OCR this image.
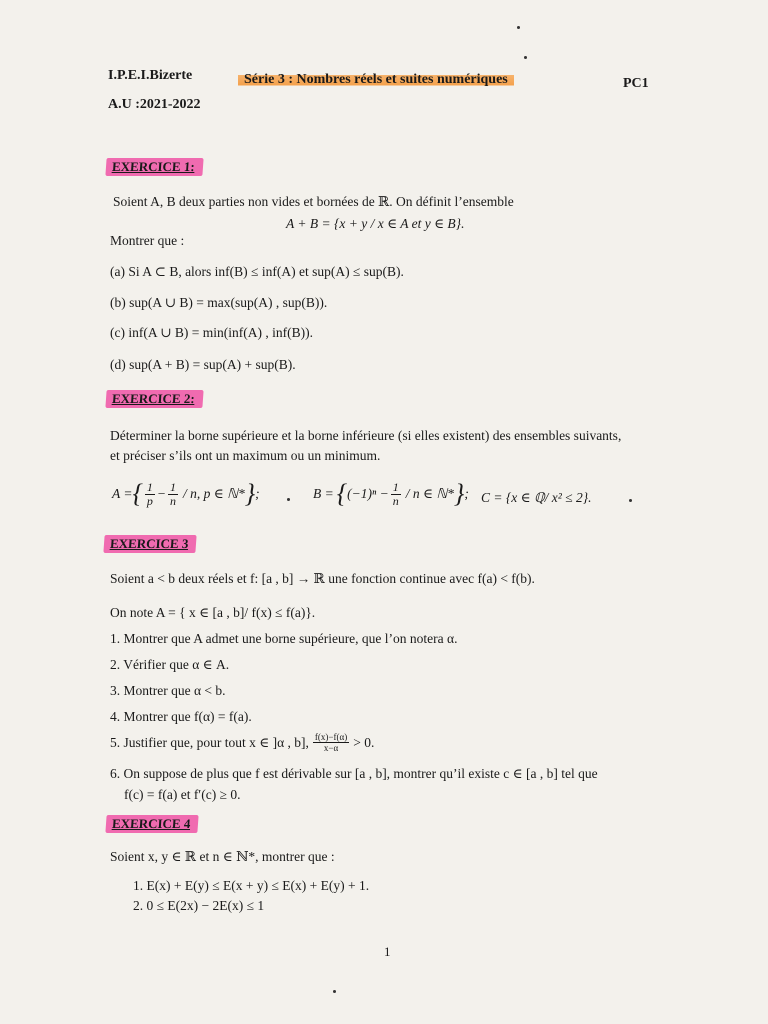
I.P.E.I.Bizerte
A.U :2021-2022
Série 3 : Nombres réels et suites numériques	PC1
EXERCICE 1:
Soient A, B deux parties non vides et bornées de ℝ. On définit l’ensemble
A + B = {x + y / x ∈ A et y ∈ B}.
Montrer que :
(a) Si A ⊂ B, alors inf(B) ≤ inf(A) et sup(A) ≤ sup(B).
(b) sup(A ∪ B) = max(sup(A) , sup(B)).
(c) inf(A ∪ B) = min(inf(A) , inf(B)).
(d) sup(A + B) = sup(A) + sup(B).
EXERCICE 2:
Déterminer la borne supérieure et la borne inférieure (si elles existent) des ensembles suivants,
et préciser s’ils ont un maximum ou un minimum.
A = { $\frac{1}{p} - \frac{1}{n} / n$, p ∈ ℕ* } ;	B = { $(-1)^n - \frac{1}{n} / n$ ∈ ℕ* } ; C = {x ∈ ℚ/ x² ≤ 2}.
EXERCICE 3
Soient a < b deux réels et f: [a , b] → ℝ une fonction continue avec f(a) < f(b).
On note A = { x ∈ [a , b]/ f(x) ≤ f(a)}.
1. Montrer que A admet une borne supérieure, que l’on notera α.
2. Vérifier que α ∈ A.
3. Montrer que α < b.
4. Montrer que f(α) = f(a).
5. Justifier que, pour tout x ∈ ]α , b], $\frac{f(x)-f(\alpha)}{x-\alpha} > 0$.
6. On suppose de plus que f est dérivable sur [a , b], montrer qu’il existe c ∈ [a , b] tel que
f(c) = f(a) et f′(c) ≥ 0.
EXERCICE 4
Soient x, y ∈ ℝ et n ∈ ℕ*, montrer que :
1. E(x) + E(y) ≤ E(x + y) ≤ E(x) + E(y) + 1.
2. 0 ≤ E(2x) − 2E(x) ≤ 1
1
